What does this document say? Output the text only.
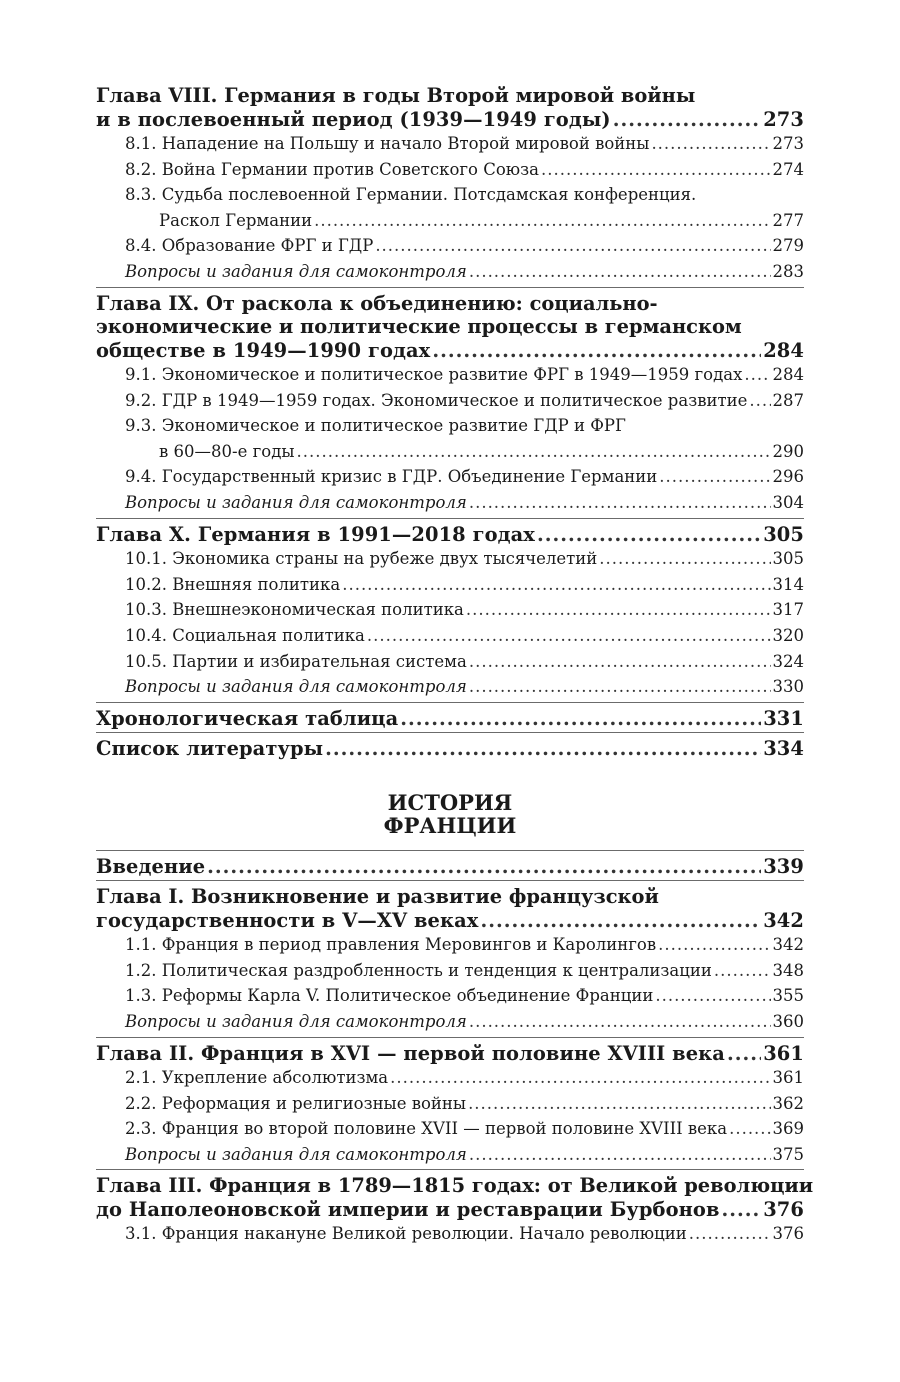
Глава VIII. Германия в годы Второй мировой войны
и в послевоенный период (1939—1949 годы) .....	273
8.1. Нападение на Польшу и начало Второй мировой войны .....	273
8.2. Война Германии против Советского Союза .....	274
8.3. Судьба послевоенной Германии. Потсдамская конференция.
Раскол Германии .....	277
8.4. Образование ФРГ и ГДР .....	279
Вопросы и задания для самоконтроля .....	283
Глава IX. От раскола к объединению: социально-
экономические и политические процессы в германском
обществе в 1949—1990 годах .....	284
9.1. Экономическое и политическое развитие ФРГ в 1949—1959 годах ..... 284
9.2. ГДР в 1949—1959 годах. Экономическое и политическое развитие ..... 287
9.3. Экономическое и политическое развитие ГДР и ФРГ
в 60—80-е годы .....	290
9.4. Государственный кризис в ГДР. Объединение Германии .....	296
Вопросы и задания для самоконтроля .....	304
Глава X. Германия в 1991—2018 годах .....	305
10.1. Экономика страны на рубеже двух тысячелетий .....	305
10.2. Внешняя политика .....	314
10.3. Внешнеэкономическая политика .....	317
10.4. Социальная политика .....	320
10.5. Партии и избирательная система .....	324
Вопросы и задания для самоконтроля .....	330
Хронологическая таблица .....	331
Список литературы .....	334
ИСТОРИЯ
ФРАНЦИИ
Введение .....	339
Глава I. Возникновение и развитие французской
государственности в V—XV веках .....	342
1.1. Франция в период правления Меровингов и Каролингов .....	342
1.2. Политическая раздробленность и тенденция к централизации .....	348
1.3. Реформы Карла V. Политическое объединение Франции .....	355
Вопросы и задания для самоконтроля .....	360
Глава II. Франция в XVI — первой половине XVIII века ..... 361
2.1. Укрепление абсолютизма .....	361
2.2. Реформация и религиозные войны .....	362
2.3. Франция во второй половине XVII — первой половине XVIII века .....	369
Вопросы и задания для самоконтроля .....	375
Глава III. Франция в 1789—1815 годах: от Великой революции
до Наполеоновской империи и реставрации Бурбонов ..... 376
3.1. Франция накануне Великой революции. Начало революции .....	376
